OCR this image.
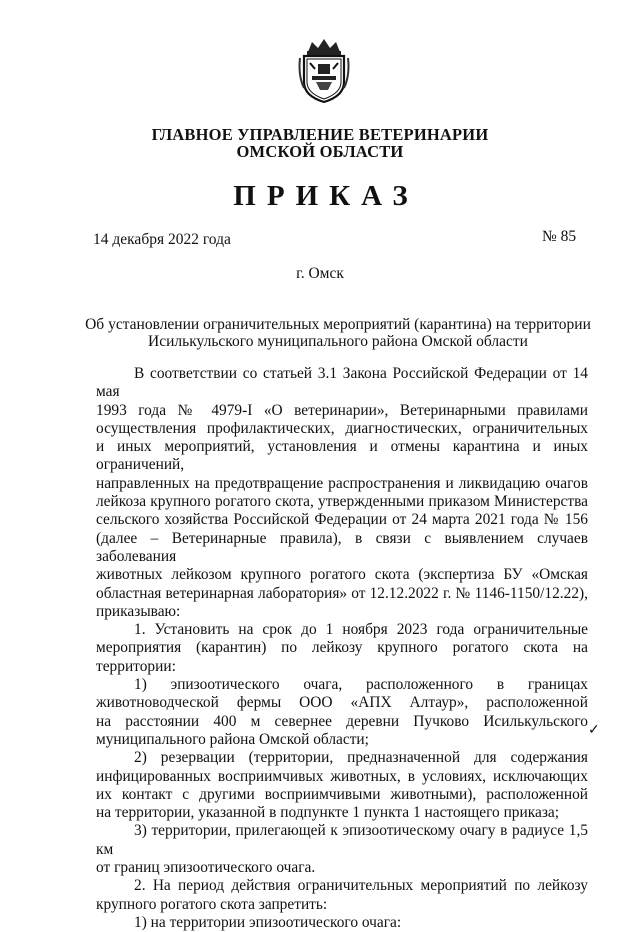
ГЛАВНОЕ УПРАВЛЕНИЕ ВЕТЕРИНАРИИ
ОМСКОЙ ОБЛАСТИ
ПРИКАЗ
14 декабря 2022 года	№ 85
г. Омск
Об установлении ограничительных мероприятий (карантина) на территории
Исилькульского муниципального района Омской области

В соответствии со статьей 3.1 Закона Российской Федерации от 14 мая

1993 года № 4979-I «О ветеринарии», Ветеринарными правилами

осуществления профилактических, диагностических, ограничительных

и иных мероприятий, установления и отмены карантина и иных ограничений,

направленных на предотвращение распространения и ликвидацию очагов

лейкоза крупного рогатого скота, утвержденными приказом Министерства

сельского хозяйства Российской Федерации от 24 марта 2021 года № 156

(далее – Ветеринарные правила), в связи с выявлением случаев заболевания

животных лейкозом крупного рогатого скота (экспертиза БУ «Омская

областная ветеринарная лаборатория» от 12.12.2022 г. № 1146-1150/12.22),

приказываю:

1. Установить на срок до 1 ноября 2023 года ограничительные

мероприятия (карантин) по лейкозу крупного рогатого скота на территории:

1) эпизоотического очага, расположенного в границах

животноводческой фермы ООО «АПХ Алтаур», расположенной

на расстоянии 400 м севернее деревни Пучково Исилькульского

муниципального района Омской области;

2) резервации (территории, предназначенной для содержания

инфицированных восприимчивых животных, в условиях, исключающих

их контакт с другими восприимчивыми животными), расположенной

на территории, указанной в подпункте 1 пункта 1 настоящего приказа;

3) территории, прилегающей к эпизоотическому очагу в радиусе 1,5 км

от границ эпизоотического очага.

2. На период действия ограничительных мероприятий по лейкозу

крупного рогатого скота запретить:

1) на территории эпизоотического очага:

✓
